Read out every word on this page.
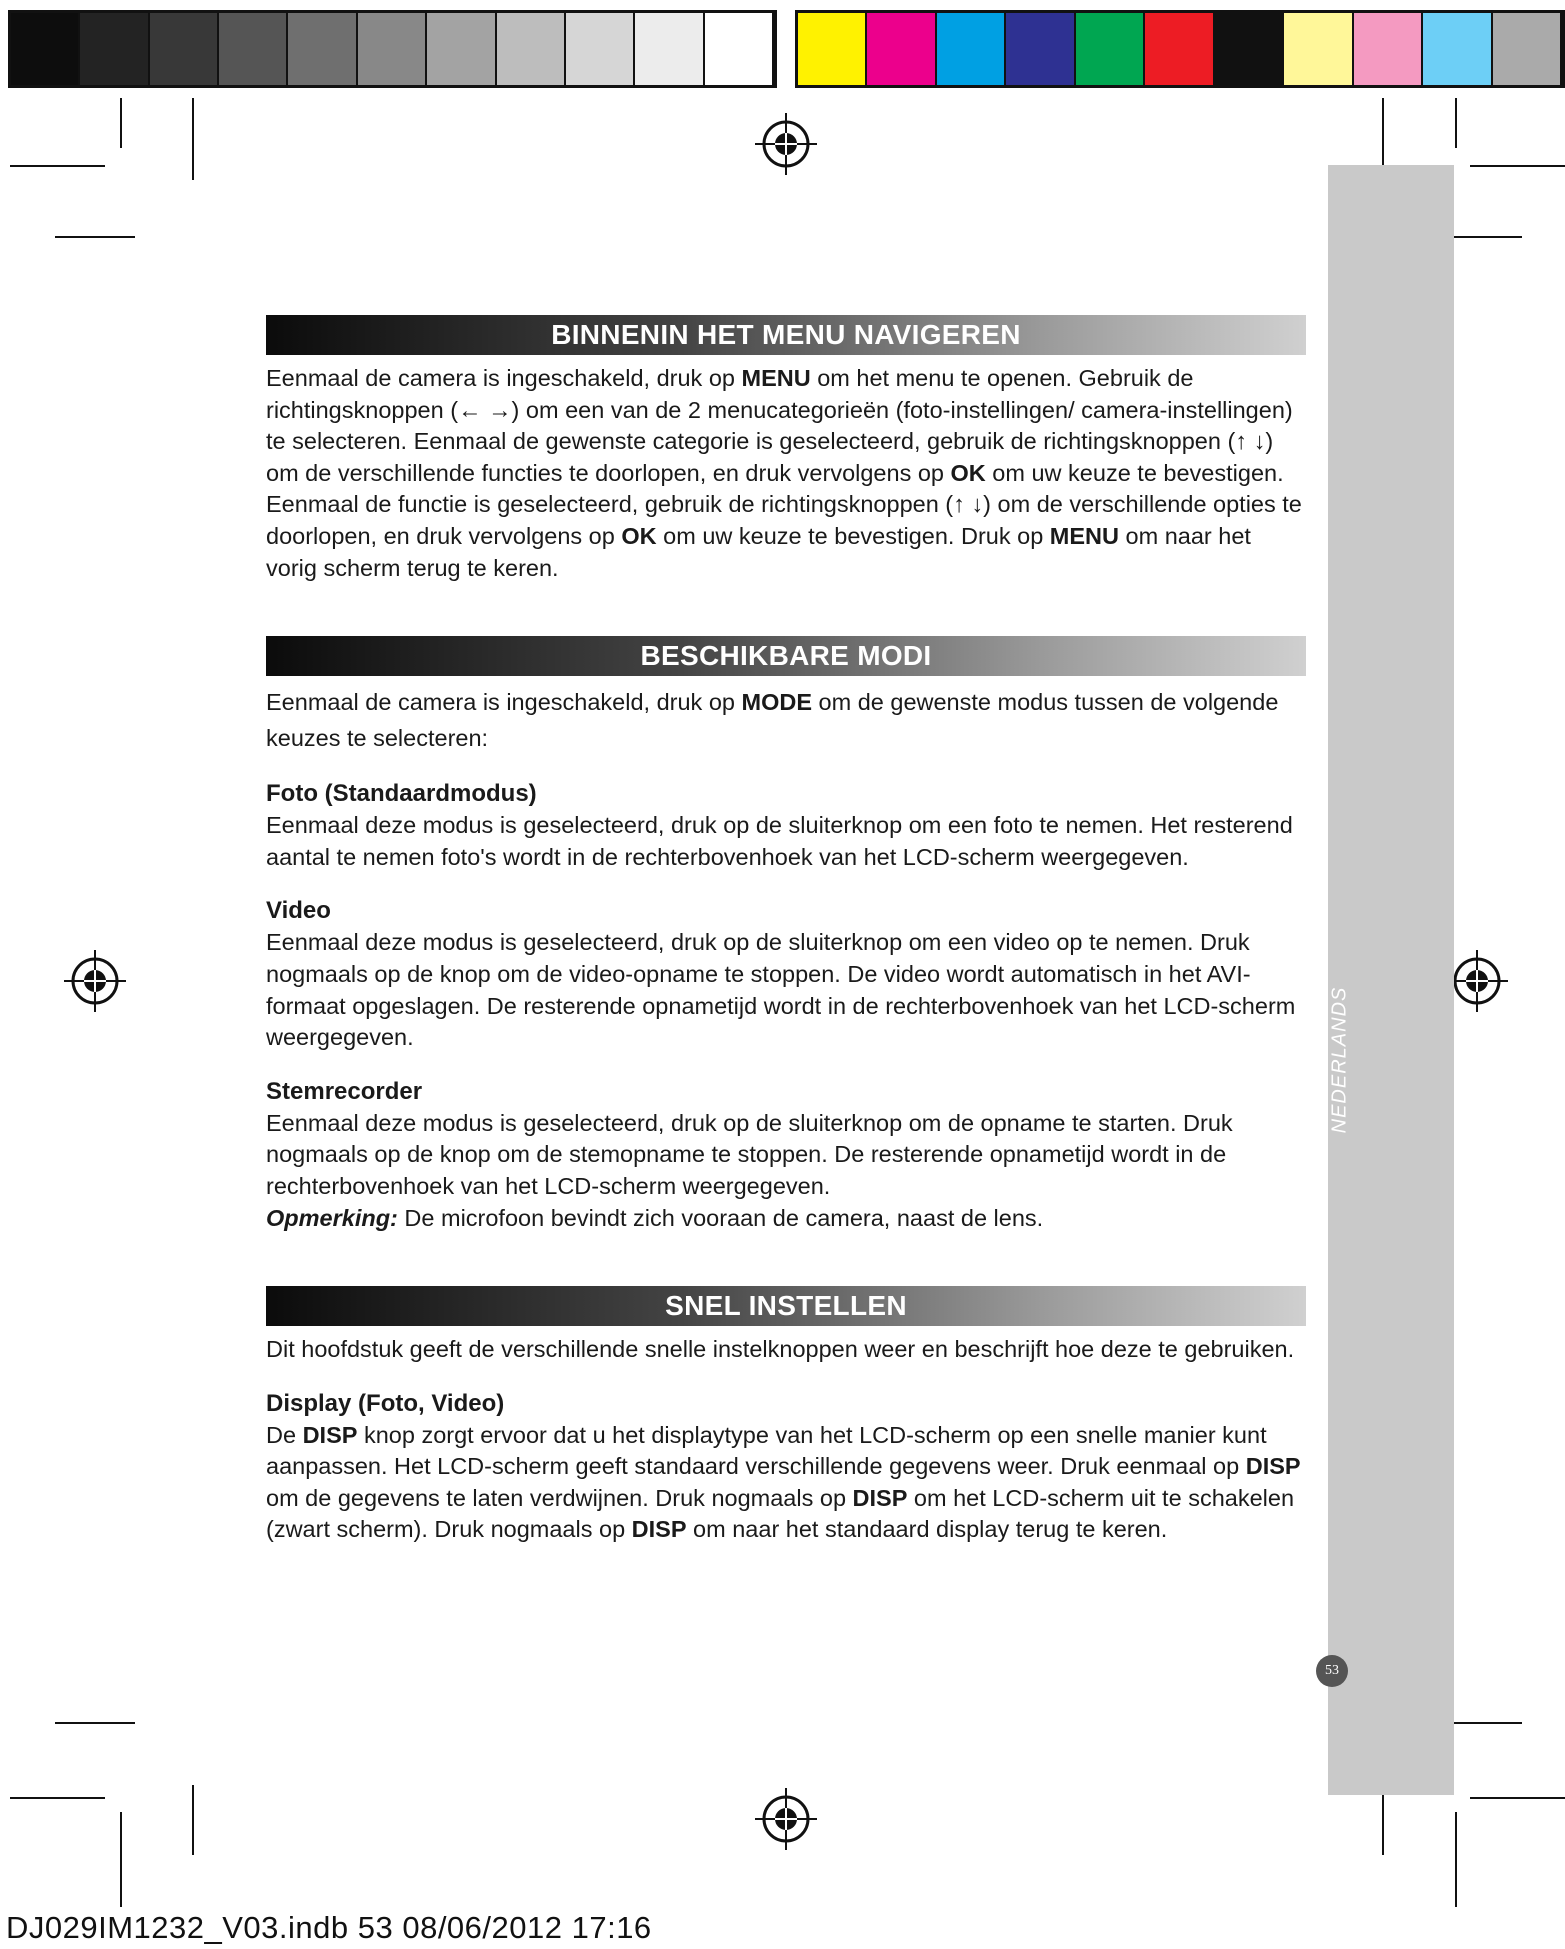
NEDERLANDS
53
BINNENIN HET MENU NAVIGEREN

Eenmaal de camera is ingeschakeld, druk op MENU om het menu te openen. Gebruik de richtingsknoppen (← →) om een van de 2 menucategorieën (foto-instellingen/ camera-instellingen) te selecteren. Eenmaal de gewenste categorie is geselecteerd, gebruik de richtingsknoppen (↑ ↓) om de verschillende functies te doorlopen, en druk vervolgens op OK om uw keuze te bevestigen. Eenmaal de functie is geselecteerd, gebruik de richtingsknoppen (↑ ↓) om de verschillende opties te doorlopen, en druk vervolgens op OK om uw keuze te bevestigen. Druk op MENU om naar het vorig scherm terug te keren.

BESCHIKBARE MODI

Eenmaal de camera is ingeschakeld, druk op MODE om de gewenste modus tussen de volgende keuzes te selecteren:

Foto (Standaardmodus)

Eenmaal deze modus is geselecteerd, druk op de sluiterknop om een foto te nemen. Het resterend aantal te nemen foto's wordt in de rechterbovenhoek van het LCD-scherm weergegeven.

Video

Eenmaal deze modus is geselecteerd, druk op de sluiterknop om een video op te nemen. Druk nogmaals op de knop om de video-opname te stoppen. De video wordt automatisch in het AVI-formaat opgeslagen. De resterende opnametijd wordt in de rechterbovenhoek van het LCD-scherm weergegeven.

Stemrecorder

Eenmaal deze modus is geselecteerd, druk op de sluiterknop om de opname te starten. Druk nogmaals op de knop om de stemopname te stoppen. De resterende opnametijd wordt in de rechterbovenhoek van het LCD-scherm weergegeven.

Opmerking: De microfoon bevindt zich vooraan de camera, naast de lens.

SNEL INSTELLEN

Dit hoofdstuk geeft de verschillende snelle instelknoppen weer en beschrijft hoe deze te gebruiken.

Display (Foto, Video)

De DISP knop zorgt ervoor dat u het displaytype van het LCD-scherm op een snelle manier kunt aanpassen. Het LCD-scherm geeft standaard verschillende gegevens weer. Druk eenmaal op DISP om de gegevens te laten verdwijnen. Druk nogmaals op DISP om het LCD-scherm uit te schakelen (zwart scherm). Druk nogmaals op DISP om naar het standaard display terug te keren.

DJ029IM1232_V03.indb 53 08/06/2012 17:16
